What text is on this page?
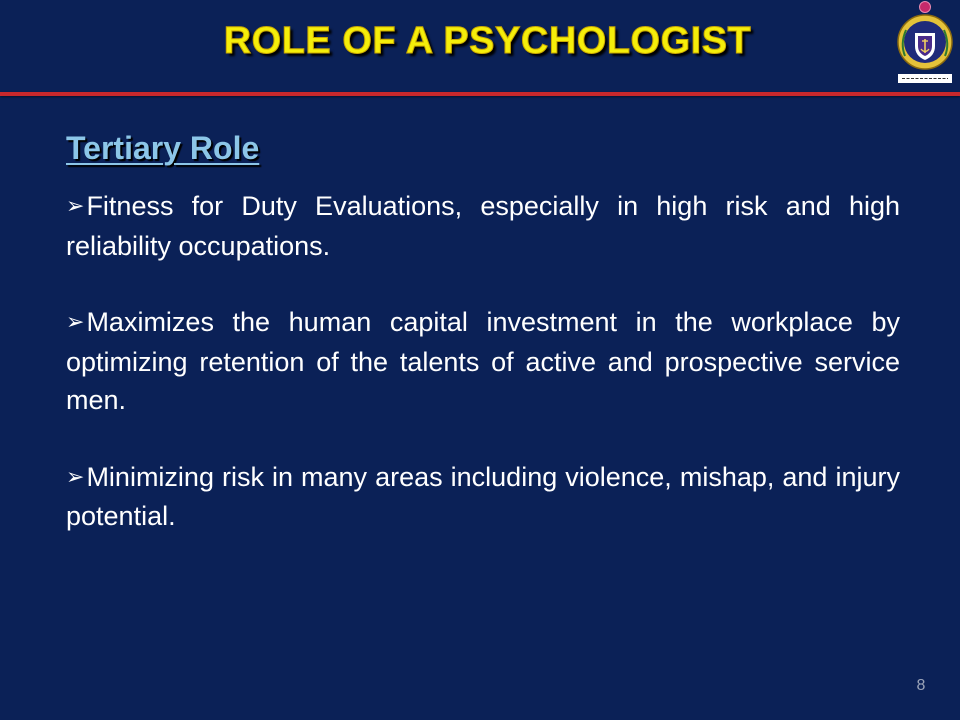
ROLE OF A PSYCHOLOGIST
Tertiary Role
➢Fitness for Duty Evaluations, especially in high risk and high reliability occupations.
➢Maximizes the human capital investment in the workplace by optimizing retention of the talents of active and prospective service men.
➢Minimizing risk in many areas including violence, mishap, and injury potential.
8
